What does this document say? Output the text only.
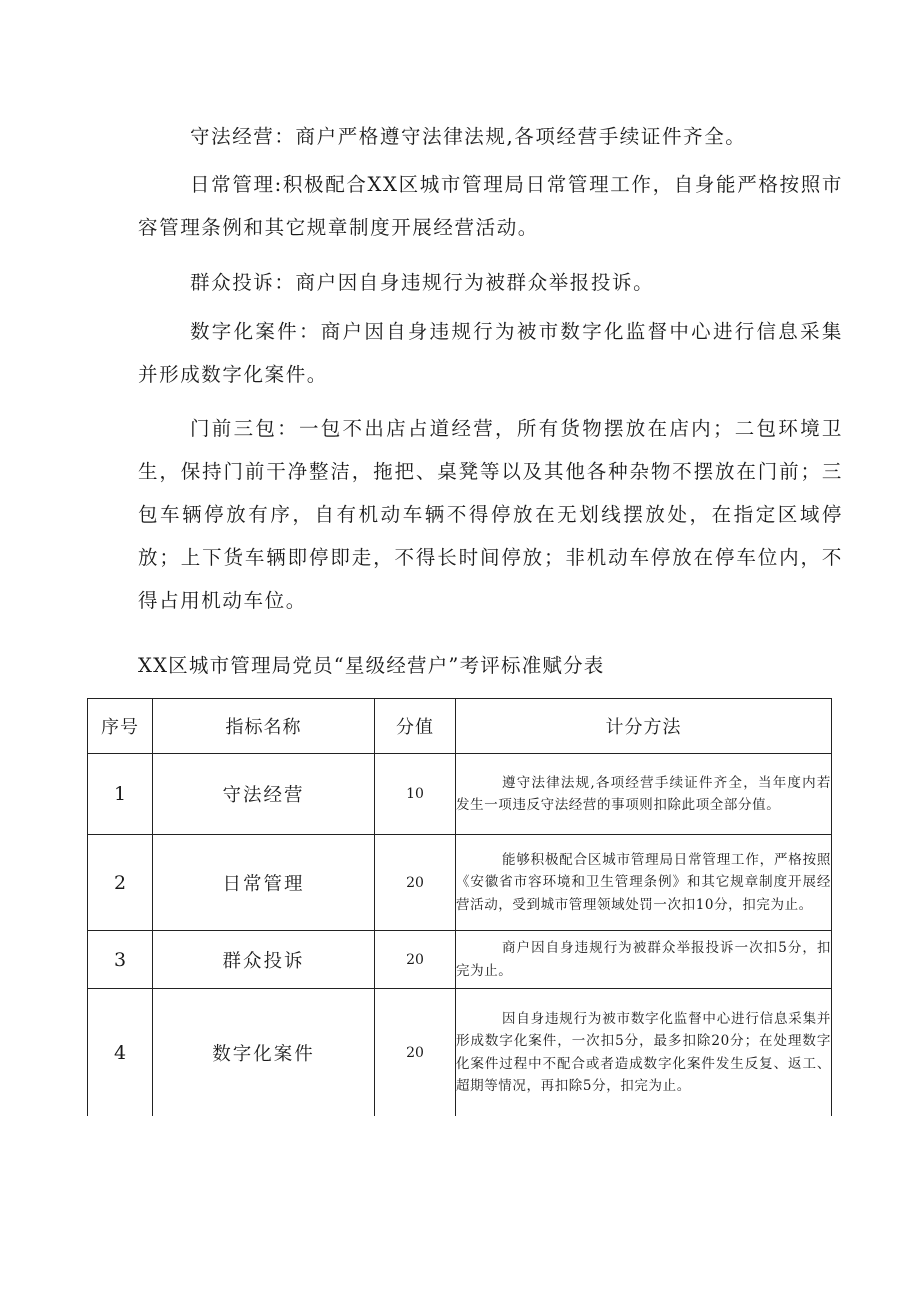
守法经营：商户严格遵守法律法规,各项经营手续证件齐全。

日常管理:积极配合XX区城市管理局日常管理工作，自身能严格按照市容管理条例和其它规章制度开展经营活动。

群众投诉：商户因自身违规行为被群众举报投诉。

数字化案件：商户因自身违规行为被市数字化监督中心进行信息采集并形成数字化案件。

门前三包：一包不出店占道经营，所有货物摆放在店内；二包环境卫生，保持门前干净整洁，拖把、桌凳等以及其他各种杂物不摆放在门前；三包车辆停放有序，自有机动车辆不得停放在无划线摆放处，在指定区域停放；上下货车辆即停即走，不得长时间停放；非机动车停放在停车位内，不得占用机动车位。

XX区城市管理局党员“星级经营户”考评标准赋分表

序号	指标名称	分值	计分方法
1	守法经营	10	遵守法律法规,各项经营手续证件齐全，当年度内若发生一项违反守法经营的事项则扣除此项全部分值。
2	日常管理	20	能够积极配合区城市管理局日常管理工作，严格按照《安徽省市容环境和卫生管理条例》和其它规章制度开展经营活动，受到城市管理领域处罚一次扣10分，扣完为止。
3	群众投诉	20	商户因自身违规行为被群众举报投诉一次扣5分，扣完为止。
4	数字化案件	20	因自身违规行为被市数字化监督中心进行信息采集并形成数字化案件，一次扣5分，最多扣除20分；在处理数字化案件过程中不配合或者造成数字化案件发生反复、返工、超期等情况，再扣除5分，扣完为止。
